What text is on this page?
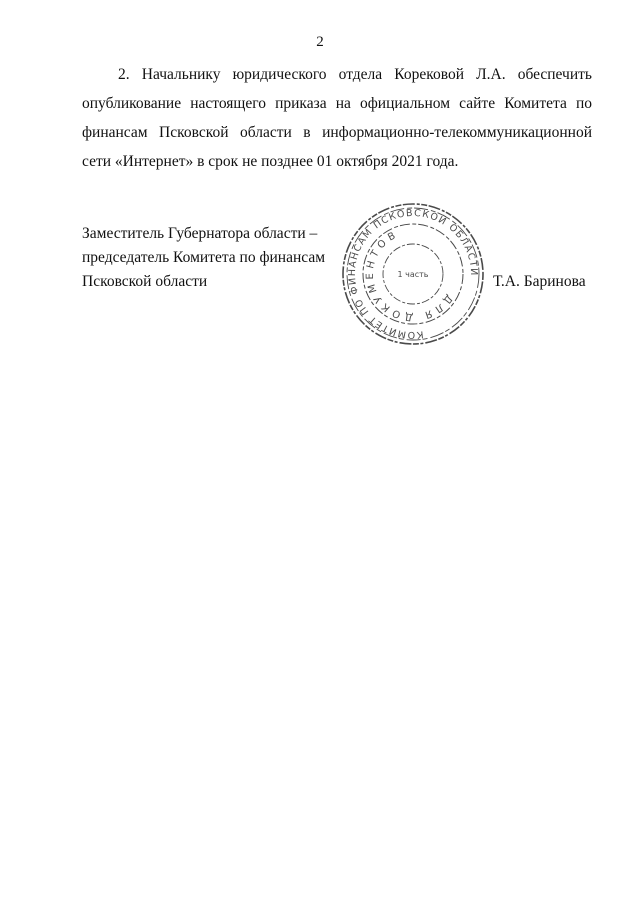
2
2. Начальнику юридического отдела Корековой Л.А. обеспечить
опубликование настоящего приказа на официальном сайте Комитета по
финансам Псковской области в информационно-телекоммуникационной
сети «Интернет» в срок не позднее 01 октября 2021 года.
Заместитель Губернатора области –
председатель Комитета по финансам
Псковской области	Т.А. Баринова
КОМИТЕТ ПО ФИНАНСАМ ПСКОВСКОЙ ОБЛАСТИ
ДЛЯ ДОКУМЕНТОВ
1 часть
